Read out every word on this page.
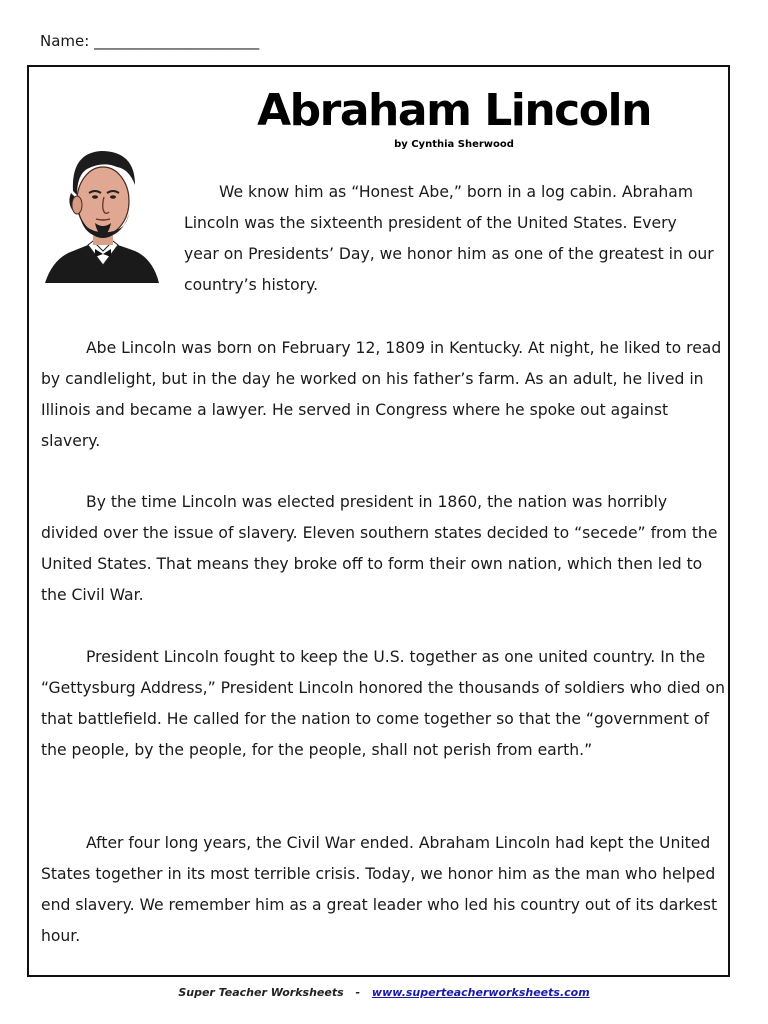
Name: ______________________
Abraham Lincoln
by Cynthia Sherwood

We know him as “Honest Abe,” born in a log cabin. Abraham Lincoln was the sixteenth president of the United States. Every year on Presidents’ Day, we honor him as one of the greatest in our country’s history.

Abe Lincoln was born on February 12, 1809 in Kentucky. At night, he liked to read by candlelight, but in the day he worked on his father’s farm. As an adult, he lived in Illinois and became a lawyer. He served in Congress where he spoke out against slavery.

By the time Lincoln was elected president in 1860, the nation was horribly divided over the issue of slavery. Eleven southern states decided to “secede” from the United States. That means they broke off to form their own nation, which then led to the Civil War.

President Lincoln fought to keep the U.S. together as one united country. In the “Gettysburg Address,” President Lincoln honored the thousands of soldiers who died on that battlefield. He called for the nation to come together so that the “government of the people, by the people, for the people, shall not perish from earth.”

After four long years, the Civil War ended. Abraham Lincoln had kept the United States together in its most terrible crisis. Today, we honor him as the man who helped end slavery. We remember him as a great leader who led his country out of its darkest hour.

Super Teacher Worksheets - www.superteacherworksheets.com
